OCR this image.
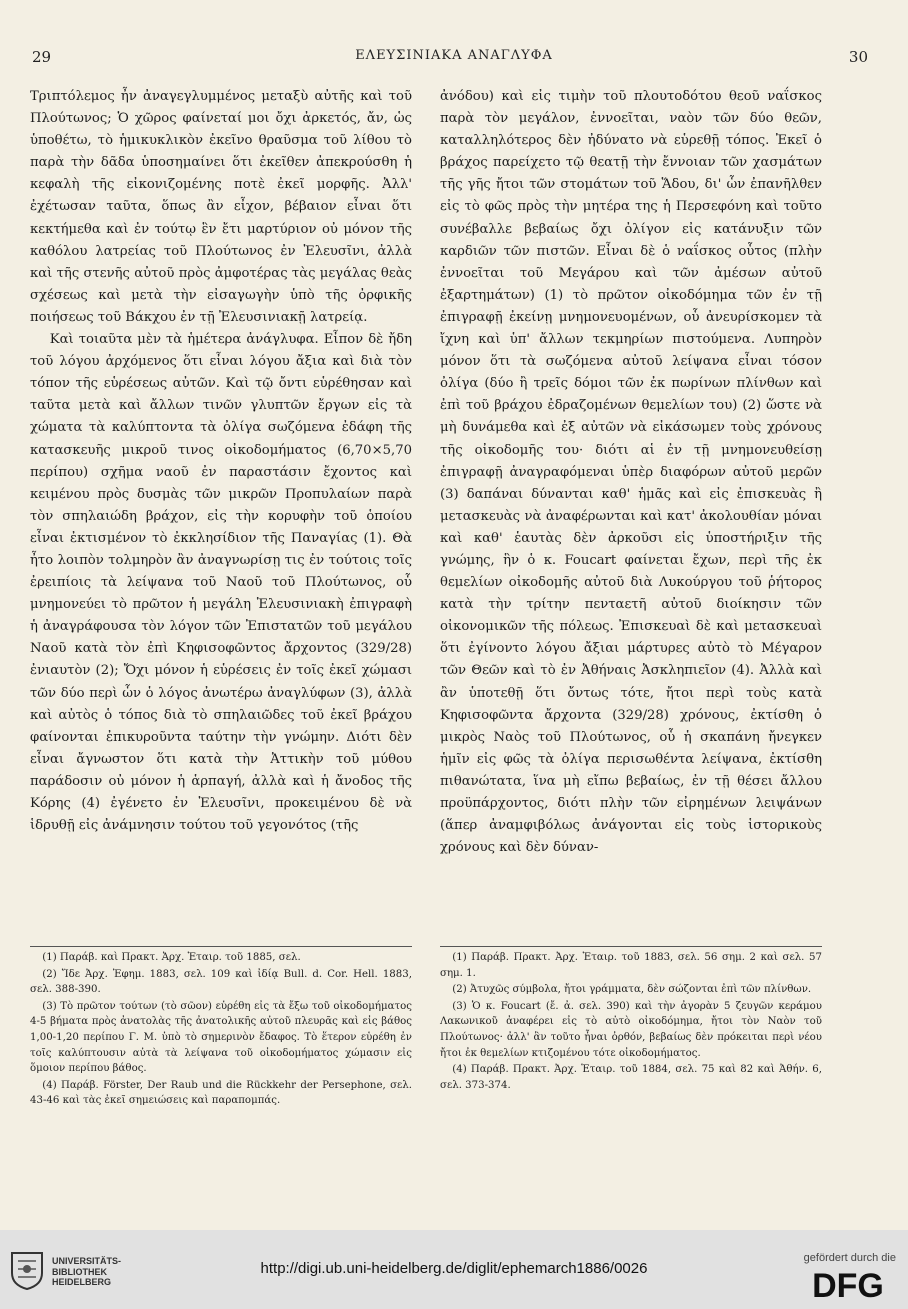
29	ΕΛΕΥΣΙΝΙΑΚΑ ΑΝΑΓΛΥΦΑ	30

Τριπτόλεμος ἦν ἀναγεγλυμμένος μεταξὺ αὐτῆς καὶ τοῦ Πλούτωνος; Ὁ χῶρος φαίνεταί μοι ὄχι ἀρκετός, ἄν, ὡς ὑποθέτω, τὸ ἡμικυκλικὸν ἐκεῖνο θραῦσμα τοῦ λίθου τὸ παρὰ τὴν δᾶδα ὑποσημαίνει ὅτι ἐκεῖθεν ἀπεκρούσθη ἡ κεφαλὴ τῆς εἰκονιζομένης ποτὲ ἐκεῖ μορφῆς. Ἀλλ' ἐχέτωσαν ταῦτα, ὅπως ἂν εἶχον, βέβαιον εἶναι ὅτι κεκτήμεθα καὶ ἐν τούτῳ ἓν ἔτι μαρτύριον οὐ μόνον τῆς καθόλου λατρείας τοῦ Πλούτωνος ἐν Ἐλευσῖνι, ἀλλὰ καὶ τῆς στενῆς αὐτοῦ πρὸς ἀμφοτέρας τὰς μεγάλας θεὰς σχέσεως καὶ μετὰ τὴν εἰσαγωγὴν ὑπὸ τῆς ὀρφικῆς ποιήσεως τοῦ Βάκχου ἐν τῇ Ἐλευσινιακῇ λατρείᾳ.

Καὶ τοιαῦτα μὲν τὰ ἡμέτερα ἀνάγλυφα. Εἶπον δὲ ἤδη τοῦ λόγου ἀρχόμενος ὅτι εἶναι λόγου ἄξια καὶ διὰ τὸν τόπον τῆς εὑρέσεως αὐτῶν. Καὶ τῷ ὄντι εὑρέθησαν καὶ ταῦτα μετὰ καὶ ἄλλων τινῶν γλυπτῶν ἔργων εἰς τὰ χώματα τὰ καλύπτοντα τὰ ὀλίγα σωζόμενα ἐδάφη τῆς κατασκευῆς μικροῦ τινος οἰκοδομήματος (6,70×5,70 περίπου) σχῆμα ναοῦ ἐν παραστάσιν ἔχοντος καὶ κειμένου πρὸς δυσμὰς τῶν μικρῶν Προπυλαίων παρὰ τὸν σπηλαιώδη βράχον, εἰς τὴν κορυφὴν τοῦ ὁποίου εἶναι ἐκτισμένον τὸ ἐκκλησίδιον τῆς Παναγίας (1). Θὰ ἦτο λοιπὸν τολμηρὸν ἂν ἀναγνωρίσῃ τις ἐν τούτοις τοῖς ἐρειπίοις τὰ λείψανα τοῦ Ναοῦ τοῦ Πλούτωνος, οὗ μνημονεύει τὸ πρῶτον ἡ μεγάλη Ἐλευσινιακὴ ἐπιγραφὴ ἡ ἀναγράφουσα τὸν λόγον τῶν Ἐπιστατῶν τοῦ μεγάλου Ναοῦ κατὰ τὸν ἐπὶ Κηφισοφῶντος ἄρχοντος (329/28) ἐνιαυτὸν (2); Ὄχι μόνον ἡ εὑρέσεις ἐν τοῖς ἐκεῖ χώμασι τῶν δύο περὶ ὧν ὁ λόγος ἀνωτέρω ἀναγλύφων (3), ἀλλὰ καὶ αὐτὸς ὁ τόπος διὰ τὸ σπηλαιῶδες τοῦ ἐκεῖ βράχου φαίνονται ἐπικυροῦντα ταύτην τὴν γνώμην. Διότι δὲν εἶναι ἄγνωστον ὅτι κατὰ τὴν Ἀττικὴν τοῦ μύθου παράδοσιν οὐ μόνον ἡ ἁρπαγή, ἀλλὰ καὶ ἡ ἄνοδος τῆς Κόρης (4) ἐγένετο ἐν Ἐλευσῖνι, προκειμένου δὲ νὰ ἱδρυθῇ εἰς ἀνάμνησιν τούτου τοῦ γεγονότος (τῆς

ἀνόδου) καὶ εἰς τιμὴν τοῦ πλουτοδότου θεοῦ ναΐσκος παρὰ τὸν μεγάλον, ἐννοεῖται, ναὸν τῶν δύο θεῶν, καταλληλότερος δὲν ἠδύνατο νὰ εὑρεθῇ τόπος. Ἐκεῖ ὁ βράχος παρείχετο τῷ θεατῇ τὴν ἔννοιαν τῶν χασμάτων τῆς γῆς ἤτοι τῶν στομάτων τοῦ Ἅδου, δι' ὧν ἐπανῆλθεν εἰς τὸ φῶς πρὸς τὴν μητέρα της ἡ Περσεφόνη καὶ τοῦτο συνέβαλλε βεβαίως ὄχι ὀλίγον εἰς κατάνυξιν τῶν καρδιῶν τῶν πιστῶν. Εἶναι δὲ ὁ ναΐσκος οὗτος (πλὴν ἐννοεῖται τοῦ Μεγάρου καὶ τῶν ἀμέσων αὐτοῦ ἐξαρτημάτων) (1) τὸ πρῶτον οἰκοδόμημα τῶν ἐν τῇ ἐπιγραφῇ ἐκείνῃ μνημονευομένων, οὗ ἀνευρίσκομεν τὰ ἴχνη καὶ ὑπ' ἄλλων τεκμηρίων πιστούμενα. Λυπηρὸν μόνον ὅτι τὰ σωζόμενα αὐτοῦ λείψανα εἶναι τόσον ὀλίγα (δύο ἢ τρεῖς δόμοι τῶν ἐκ πωρίνων πλίνθων καὶ ἐπὶ τοῦ βράχου ἐδραζομένων θεμελίων του) (2) ὥστε νὰ μὴ δυνάμεθα καὶ ἐξ αὐτῶν νὰ εἰκάσωμεν τοὺς χρόνους τῆς οἰκοδομῆς του· διότι αἱ ἐν τῇ μνημονευθείσῃ ἐπιγραφῇ ἀναγραφόμεναι ὑπὲρ διαφόρων αὐτοῦ μερῶν (3) δαπάναι δύνανται καθ' ἡμᾶς καὶ εἰς ἐπισκευὰς ἢ μετασκευὰς νὰ ἀναφέρωνται καὶ κατ' ἀκολουθίαν μόναι καὶ καθ' ἑαυτὰς δὲν ἀρκοῦσι εἰς ὑποστήριξιν τῆς γνώμης, ἣν ὁ κ. Foucart φαίνεται ἔχων, περὶ τῆς ἐκ θεμελίων οἰκοδομῆς αὐτοῦ διὰ Λυκούργου τοῦ ῥήτορος κατὰ τὴν τρίτην πενταετῆ αὐτοῦ διοίκησιν τῶν οἰκονομικῶν τῆς πόλεως. Ἐπισκευαὶ δὲ καὶ μετασκευαὶ ὅτι ἐγίνοντο λόγου ἄξιαι μάρτυρες αὐτὸ τὸ Μέγαρον τῶν Θεῶν καὶ τὸ ἐν Ἀθήναις Ἀσκληπιεῖον (4). Ἀλλὰ καὶ ἂν ὑποτεθῇ ὅτι ὄντως τότε, ἤτοι περὶ τοὺς κατὰ Κηφισοφῶντα ἄρχοντα (329/28) χρόνους, ἐκτίσθη ὁ μικρὸς Ναὸς τοῦ Πλούτωνος, οὗ ἡ σκαπάνη ἤνεγκεν ἡμῖν εἰς φῶς τὰ ὀλίγα περισωθέντα λείψανα, ἐκτίσθη πιθανώτατα, ἵνα μὴ εἴπω βεβαίως, ἐν τῇ θέσει ἄλλου προϋπάρχοντος, διότι πλὴν τῶν εἰρημένων λειψάνων (ἅπερ ἀναμφιβόλως ἀνάγονται εἰς τοὺς ἱστορικοὺς χρόνους καὶ δὲν δύναν-

(1) Παράβ. καὶ Πρακτ. Ἀρχ. Ἑταιρ. τοῦ 1885, σελ.
(2) Ἴδε Ἀρχ. Ἐφημ. 1883, σελ. 109 καὶ ἰδίᾳ Bull. d. Cor. Hell. 1883, σελ. 388-390.
(3) Τὸ πρῶτον τούτων (τὸ σῶον) εὑρέθη εἰς τὰ ἔξω τοῦ οἰκοδομήματος 4-5 βήματα πρὸς ἀνατολὰς τῆς ἀνατολικῆς αὐτοῦ πλευρᾶς καὶ εἰς βάθος 1,00-1,20 περίπου Γ. Μ. ὑπὸ τὸ σημερινὸν ἔδαφος. Τὸ ἕτερον εὑρέθη ἐν τοῖς καλύπτουσιν αὐτὰ τὰ λείψανα τοῦ οἰκοδομήματος χώμασιν εἰς ὅμοιον περίπου βάθος.
(4) Παράβ. Förster, Der Raub und die Rückkehr der Persephone, σελ. 43-46 καὶ τὰς ἐκεῖ σημειώσεις καὶ παραπομπάς.
(1) Παράβ. Πρακτ. Ἀρχ. Ἑταιρ. τοῦ 1883, σελ. 56 σημ. 2 καὶ σελ. 57 σημ. 1.
(2) Ἀτυχῶς σύμβολα, ἤτοι γράμματα, δὲν σώζονται ἐπὶ τῶν πλίνθων.
(3) Ὁ κ. Foucart (ἔ. ἀ. σελ. 390) καὶ τὴν ἀγορὰν 5 ζευγῶν κεράμου Λακωνικοῦ ἀναφέρει εἰς τὸ αὐτὸ οἰκοδόμημα, ἤτοι τὸν Ναὸν τοῦ Πλούτωνος· ἀλλ' ἂν τοῦτο ἦναι ὀρθόν, βεβαίως δὲν πρόκειται περὶ νέου ἤτοι ἐκ θεμελίων κτιζομένου τότε οἰκοδομήματος.
(4) Παράβ. Πρακτ. Ἀρχ. Ἑταιρ. τοῦ 1884, σελ. 75 καὶ 82 καὶ Ἀθήν. 6, σελ. 373-374.
UNIVERSITÄTS-
BIBLIOTHEK
HEIDELBERG
http://digi.ub.uni-heidelberg.de/diglit/ephemarch1886/0026
gefördert durch die
DFG
